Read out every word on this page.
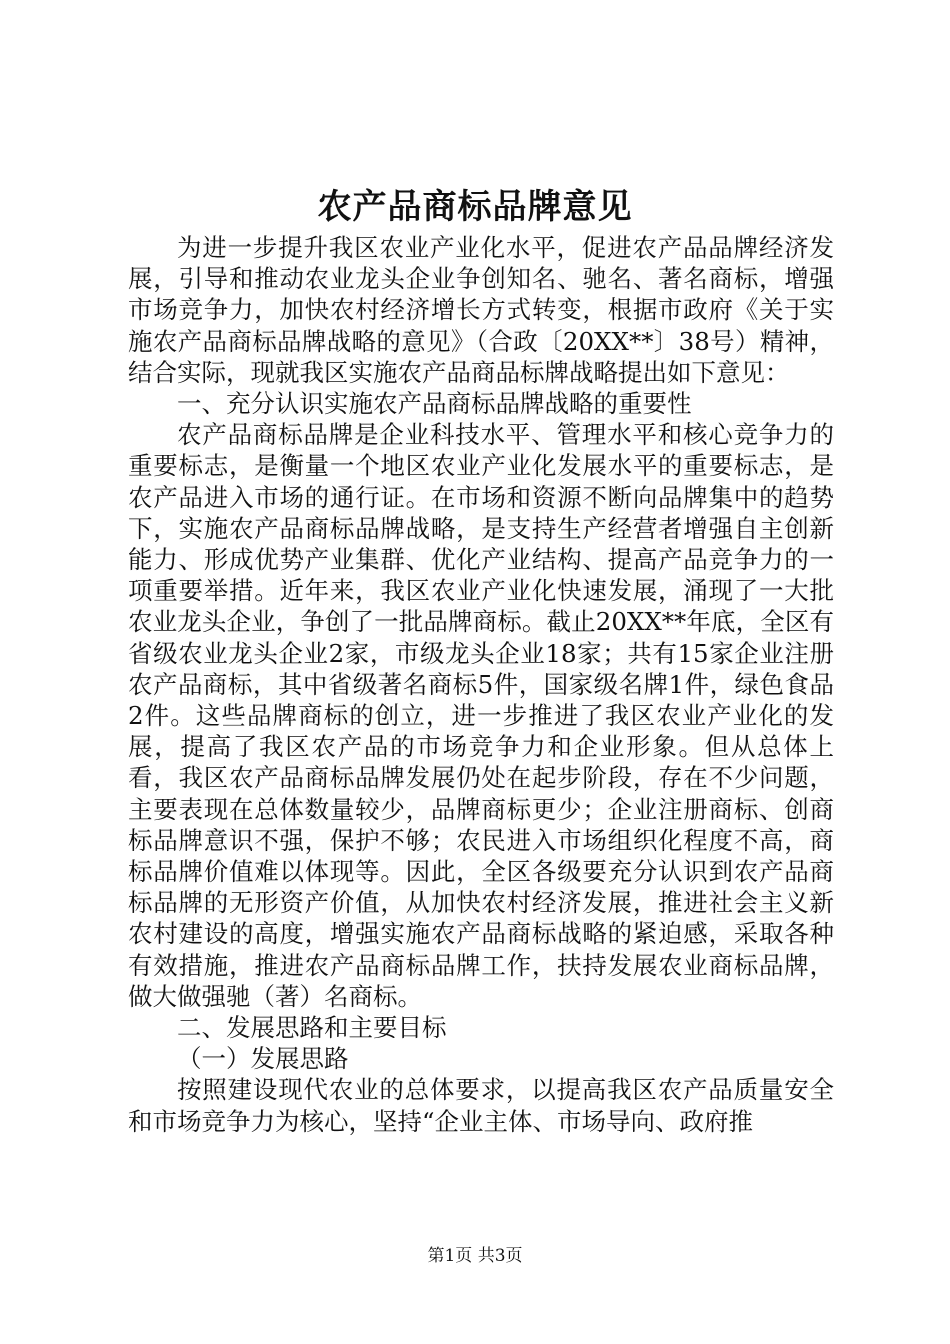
农产品商标品牌意见

为进一步提升我区农业产业化水平，促进农产品品牌经济发展，引导和推动农业龙头企业争创知名、驰名、著名商标，增强市场竞争力，加快农村经济增长方式转变，根据市政府《关于实施农产品商标品牌战略的意见》（合政〔20XX**〕38号）精神，结合实际，现就我区实施农产品商品标牌战略提出如下意见：

一、充分认识实施农产品商标品牌战略的重要性

农产品商标品牌是企业科技水平、管理水平和核心竞争力的重要标志，是衡量一个地区农业产业化发展水平的重要标志，是农产品进入市场的通行证。在市场和资源不断向品牌集中的趋势下，实施农产品商标品牌战略，是支持生产经营者增强自主创新能力、形成优势产业集群、优化产业结构、提高产品竞争力的一项重要举措。近年来，我区农业产业化快速发展，涌现了一大批农业龙头企业，争创了一批品牌商标。截止20XX**年底，全区有省级农业龙头企业2家，市级龙头企业18家；共有15家企业注册农产品商标，其中省级著名商标5件，国家级名牌1件，绿色食品2件。这些品牌商标的创立，进一步推进了我区农业产业化的发展，提高了我区农产品的市场竞争力和企业形象。但从总体上看，我区农产品商标品牌发展仍处在起步阶段，存在不少问题，主要表现在总体数量较少，品牌商标更少；企业注册商标、创商标品牌意识不强，保护不够；农民进入市场组织化程度不高，商标品牌价值难以体现等。因此，全区各级要充分认识到农产品商标品牌的无形资产价值，从加快农村经济发展，推进社会主义新农村建设的高度，增强实施农产品商标战略的紧迫感，采取各种有效措施，推进农产品商标品牌工作，扶持发展农业商标品牌，做大做强驰（著）名商标。

二、发展思路和主要目标

（一）发展思路

按照建设现代农业的总体要求，以提高我区农产品质量安全和市场竞争力为核心，坚持“企业主体、市场导向、政府推

第1页 共3页
